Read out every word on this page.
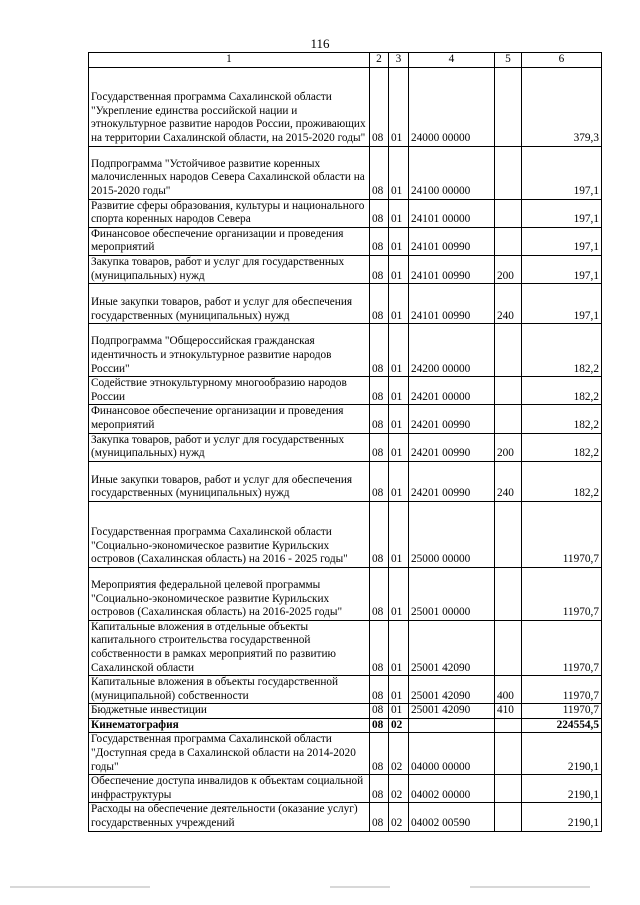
116
1	2	3	4	5	6
Государственная программа Сахалинской области "Укрепление единства российской нации и этнокультурное развитие народов России, проживающих на территории Сахалинской области, на 2015-2020 годы"	08	01	24000 00000		379,3
Подпрограмма "Устойчивое развитие коренных малочисленных народов Севера Сахалинской области на 2015-2020 годы"	08	01	24100 00000		197,1
Развитие сферы образования, культуры и национального спорта коренных народов Севера	08	01	24101 00000		197,1
Финансовое обеспечение организации и проведения мероприятий	08	01	24101 00990		197,1
Закупка товаров, работ и услуг для государственных (муниципальных) нужд	08	01	24101 00990	200	197,1
Иные закупки товаров, работ и услуг для обеспечения государственных (муниципальных) нужд	08	01	24101 00990	240	197,1
Подпрограмма "Общероссийская гражданская идентичность и этнокультурное развитие народов России"	08	01	24200 00000		182,2
Содействие этнокультурному многообразию народов России	08	01	24201 00000		182,2
Финансовое обеспечение организации и проведения мероприятий	08	01	24201 00990		182,2
Закупка товаров, работ и услуг для государственных (муниципальных) нужд	08	01	24201 00990	200	182,2
Иные закупки товаров, работ и услуг для обеспечения государственных (муниципальных) нужд	08	01	24201 00990	240	182,2
Государственная программа Сахалинской области "Социально-экономическое развитие Курильских островов (Сахалинская область) на 2016 - 2025 годы"	08	01	25000 00000		11970,7
Мероприятия федеральной целевой программы "Социально-экономическое развитие Курильских островов (Сахалинская область) на 2016-2025 годы"	08	01	25001 00000		11970,7
Капитальные вложения в отдельные объекты капитального строительства государственной собственности в рамках мероприятий по развитию Сахалинской области	08	01	25001 42090		11970,7
Капитальные вложения в объекты государственной (муниципальной) собственности	08	01	25001 42090	400	11970,7
Бюджетные инвестиции	08	01	25001 42090	410	11970,7
Кинематография	08	02			224554,5
Государственная программа Сахалинской области "Доступная среда в Сахалинской области на 2014-2020 годы"	08	02	04000 00000		2190,1
Обеспечение доступа инвалидов к объектам социальной инфраструктуры	08	02	04002 00000		2190,1
Расходы на обеспечение деятельности (оказание услуг) государственных учреждений	08	02	04002 00590		2190,1
